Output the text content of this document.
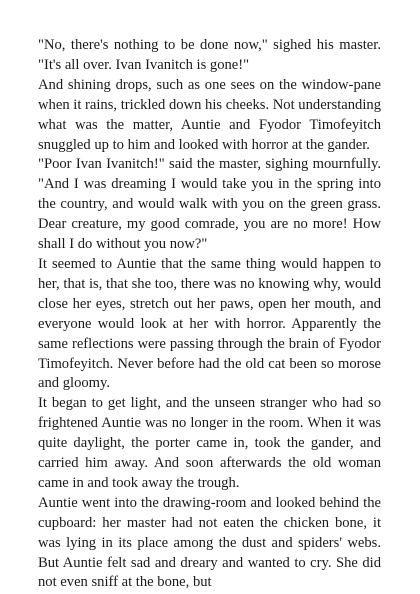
"No, there's nothing to be done now," sighed his master. "It's all over. Ivan Ivanitch is gone!"

And shining drops, such as one sees on the window-pane when it rains, trickled down his cheeks. Not understanding what was the matter, Auntie and Fyodor Timofeyitch snuggled up to him and looked with horror at the gander.

"Poor Ivan Ivanitch!" said the master, sighing mournfully. "And I was dreaming I would take you in the spring into the country, and would walk with you on the green grass. Dear creature, my good comrade, you are no more! How shall I do without you now?"

It seemed to Auntie that the same thing would happen to her, that is, that she too, there was no knowing why, would close her eyes, stretch out her paws, open her mouth, and everyone would look at her with horror. Apparently the same reflections were passing through the brain of Fyodor Timofeyitch. Never before had the old cat been so morose and gloomy.

It began to get light, and the unseen stranger who had so frightened Auntie was no longer in the room. When it was quite daylight, the porter came in, took the gander, and carried him away. And soon afterwards the old woman came in and took away the trough.

Auntie went into the drawing-room and looked behind the cupboard: her master had not eaten the chicken bone, it was lying in its place among the dust and spiders' webs. But Auntie felt sad and dreary and wanted to cry. She did not even sniff at the bone, but
